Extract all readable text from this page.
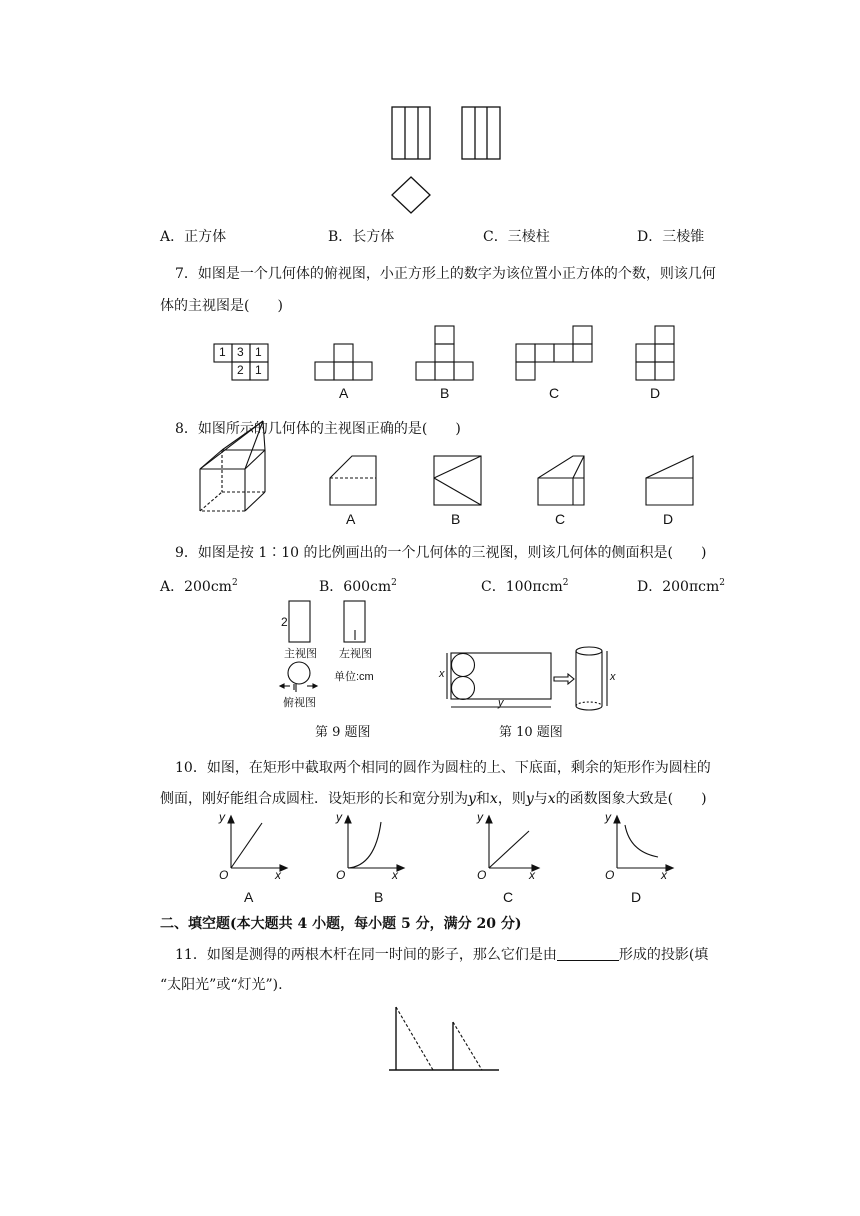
A．正方体	B．长方体	C．三棱柱	D．三棱锥
7．如图是一个几何体的俯视图，小正方形上的数字为该位置小正方体的个数，则该几何
体的主视图是(　　)
1 3 1
2 1
A	B	C	D
8．如图所示的几何体的主视图正确的是(　　)
A	B	C	D
9．如图是按 1∶10 的比例画出的一个几何体的三视图，则该几何体的侧面积是(　　)
A．$200cm^2$	B．$600cm^2$	C．100πcm$^2$	D．200πcm$^2$
2
主视图 左视图
单位:cm
俯视图
第 9 题图
x
y
x
第 10 题图
10．如图，在矩形中截取两个相同的圆作为圆柱的上、下底面，剩余的矩形作为圆柱的
侧面，刚好能组合成圆柱．设矩形的长和宽分别为y和x，则y与x的函数图象大致是(　　)
y
O	x
y
O	x
y
O	x
y
O	x
A	B	C	D
二、填空题(本大题共 4 小题，每小题 5 分，满分 20 分)
11．如图是测得的两根木杆在同一时间的影子，那么它们是由	形成的投影(填
“太阳光”或“灯光”).
